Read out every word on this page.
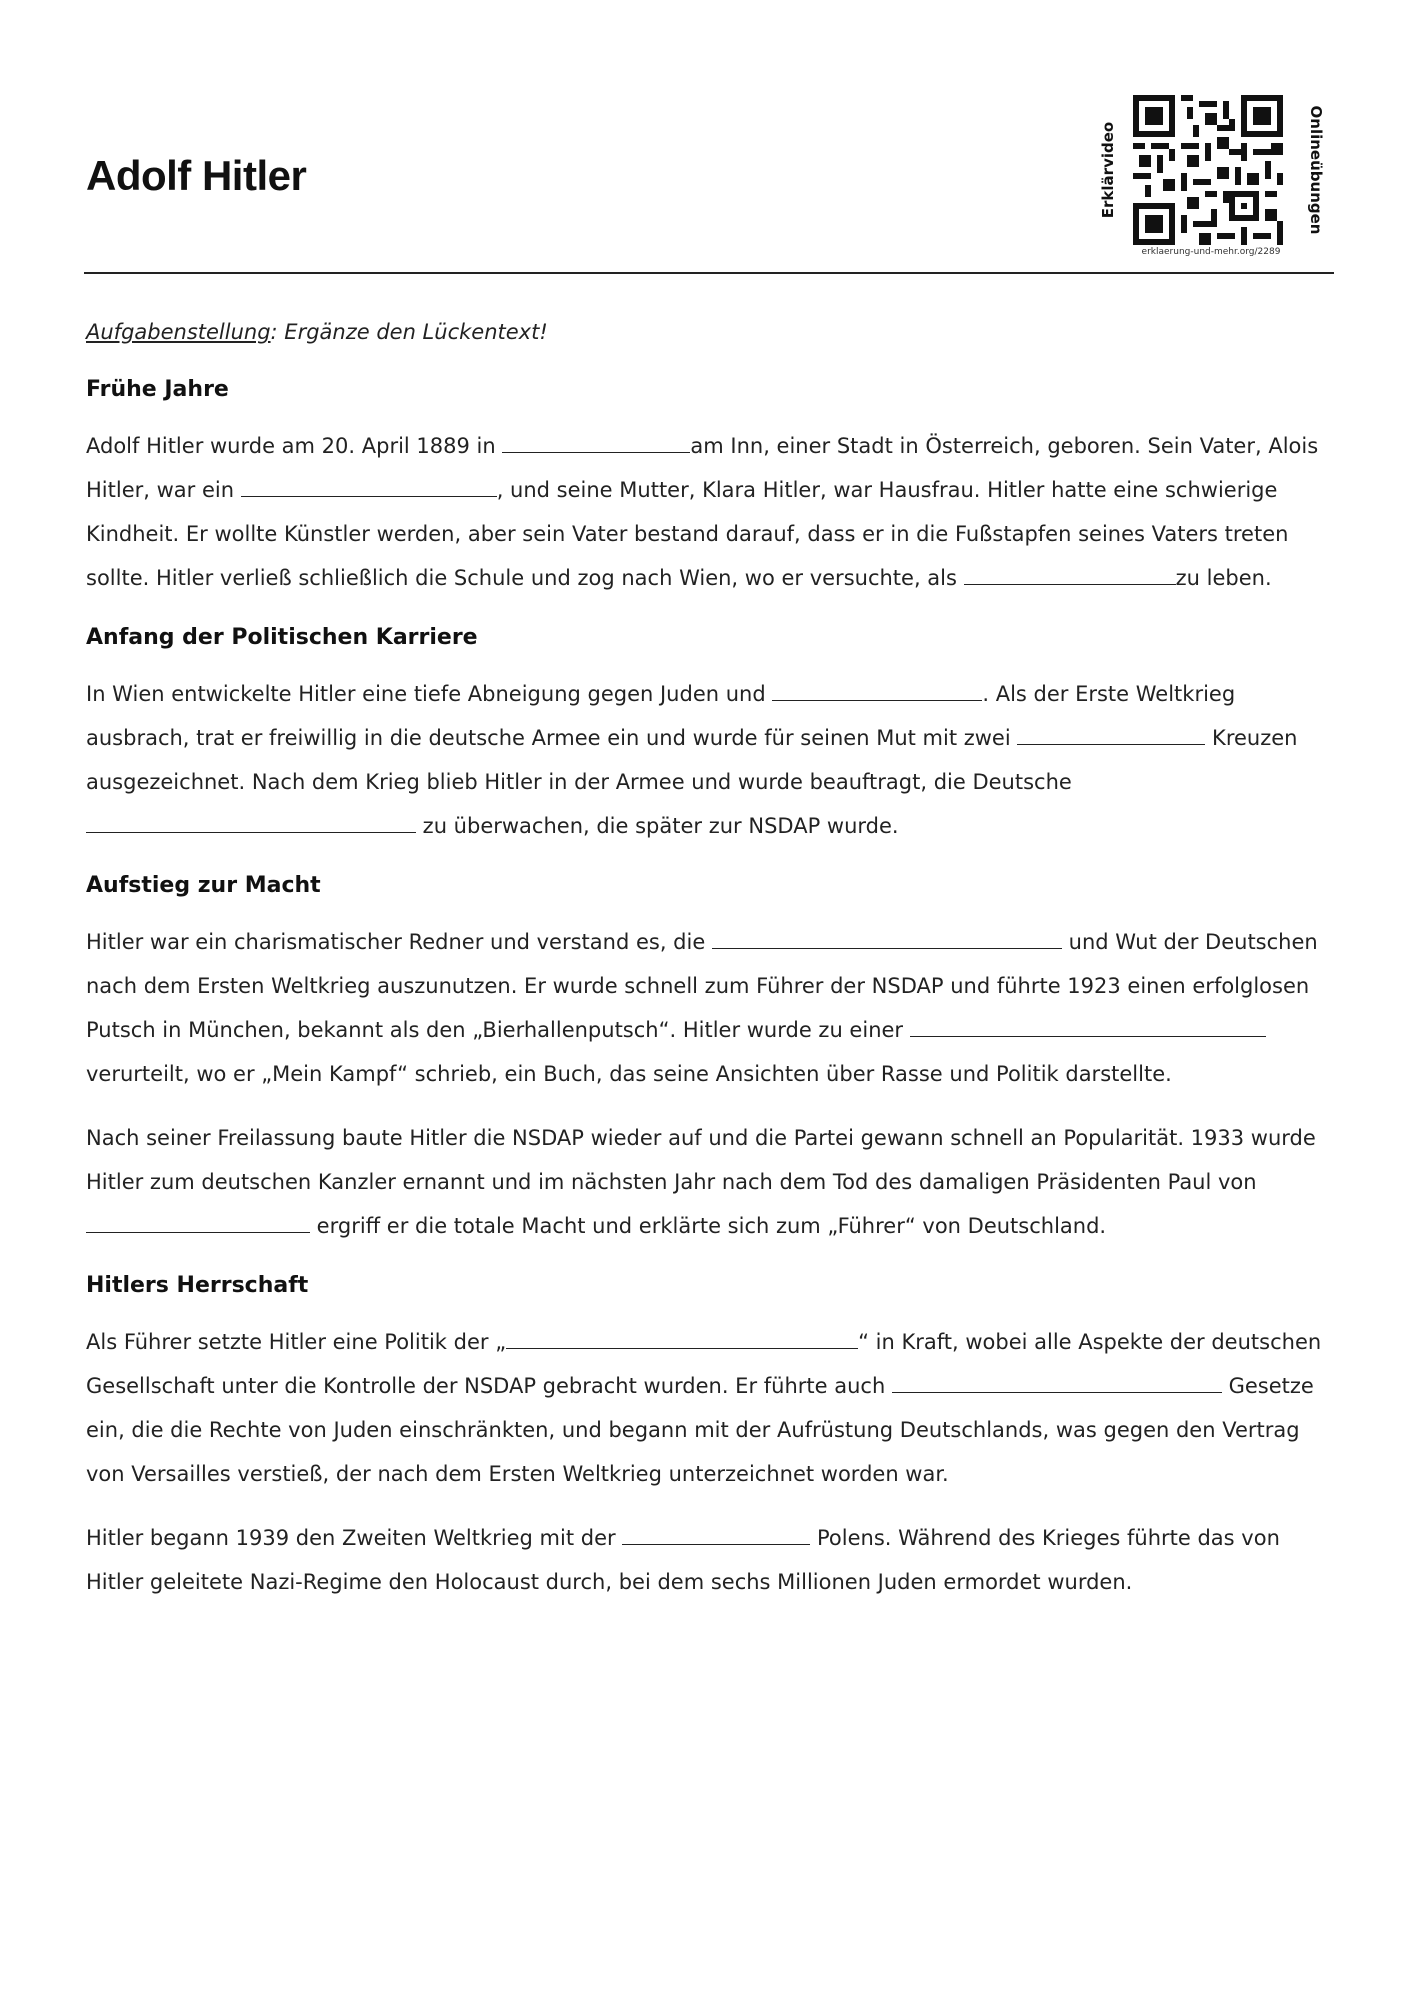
Adolf Hitler	Erklärvideo	Onlineübungen
erklaerung-und-mehr.org/2289
Aufgabenstellung: Ergänze den Lückentext!
Frühe Jahre

Adolf Hitler wurde am 20. April 1889 in	am Inn, einer Stadt in Österreich, geboren. Sein Vater, Alois Hitler, war ein	, und seine Mutter, Klara Hitler, war Hausfrau. Hitler hatte eine schwierige Kindheit. Er wollte Künstler werden, aber sein Vater bestand darauf, dass er in die Fußstapfen seines Vaters treten sollte. Hitler verließ schließlich die Schule und zog nach Wien, wo er versuchte, als	zu leben.

Anfang der Politischen Karriere

In Wien entwickelte Hitler eine tiefe Abneigung gegen Juden und	. Als der Erste Weltkrieg ausbrach, trat er freiwillig in die deutsche Armee ein und wurde für seinen Mut mit zwei	Kreuzen ausgezeichnet. Nach dem Krieg blieb Hitler in der Armee und wurde beauftragt, die Deutsche  zu überwachen, die später zur NSDAP wurde.

Aufstieg zur Macht

Hitler war ein charismatischer Redner und verstand es, die	und Wut der Deutschen nach dem Ersten Weltkrieg auszunutzen. Er wurde schnell zum Führer der NSDAP und führte 1923 einen erfolglosen Putsch in München, bekannt als den „Bierhallenputsch“. Hitler wurde zu einer  verurteilt, wo er „Mein Kampf“ schrieb, ein Buch, das seine Ansichten über Rasse und Politik darstellte.

Nach seiner Freilassung baute Hitler die NSDAP wieder auf und die Partei gewann schnell an Popularität. 1933 wurde Hitler zum deutschen Kanzler ernannt und im nächsten Jahr nach dem Tod des damaligen Präsidenten Paul von  ergriff er die totale Macht und erklärte sich zum „Führer“ von Deutschland.

Hitlers Herrschaft

Als Führer setzte Hitler eine Politik der „	“ in Kraft, wobei alle Aspekte der deutschen Gesellschaft unter die Kontrolle der NSDAP gebracht wurden. Er führte auch	Gesetze ein, die die Rechte von Juden einschränkten, und begann mit der Aufrüstung Deutschlands, was gegen den Vertrag von Versailles verstieß, der nach dem Ersten Weltkrieg unterzeichnet worden war.

Hitler begann 1939 den Zweiten Weltkrieg mit der	Polens. Während des Krieges führte das von Hitler geleitete Nazi-Regime den Holocaust durch, bei dem sechs Millionen Juden ermordet wurden.
